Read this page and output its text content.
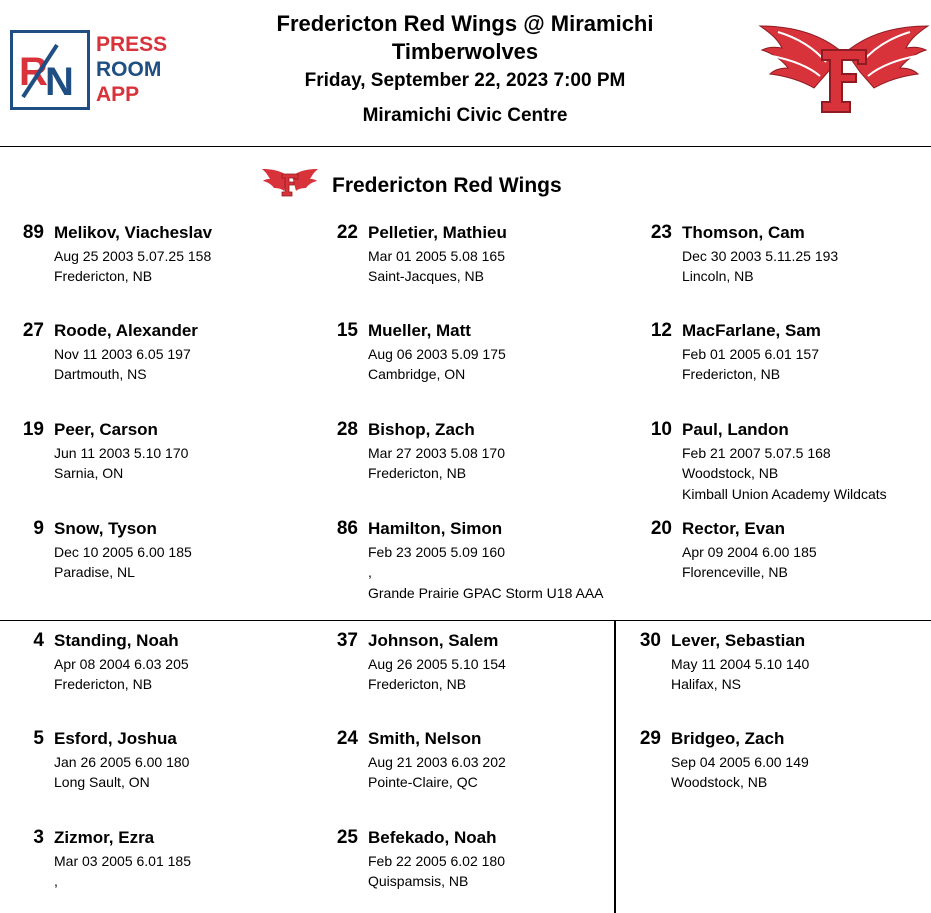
R
N
PRESS
ROOM
APP
Fredericton Red Wings @ Miramichi
Timberwolves
Friday, September 22, 2023 7:00 PM
Miramichi Civic Centre
Fredericton Red Wings
89 Melikov, Viacheslav
Aug 25 2003 5.07.25 158
Fredericton, NB
22 Pelletier, Mathieu
Mar 01 2005 5.08 165
Saint-Jacques, NB
23 Thomson, Cam
Dec 30 2003 5.11.25 193
Lincoln, NB
27 Roode, Alexander
Nov 11 2003 6.05 197
Dartmouth, NS
15 Mueller, Matt
Aug 06 2003 5.09 175
Cambridge, ON
12 MacFarlane, Sam
Feb 01 2005 6.01 157
Fredericton, NB
19 Peer, Carson
Jun 11 2003 5.10 170
Sarnia, ON
28 Bishop, Zach
Mar 27 2003 5.08 170
Fredericton, NB
10 Paul, Landon
Feb 21 2007 5.07.5 168
Woodstock, NB
Kimball Union Academy Wildcats
9 Snow, Tyson
Dec 10 2005 6.00 185
Paradise, NL
86 Hamilton, Simon
Feb 23 2005 5.09 160
,
Grande Prairie GPAC Storm U18 AAA
20 Rector, Evan
Apr 09 2004 6.00 185
Florenceville, NB
4 Standing, Noah
Apr 08 2004 6.03 205
Fredericton, NB
37 Johnson, Salem
Aug 26 2005 5.10 154
Fredericton, NB
30 Lever, Sebastian
May 11 2004 5.10 140
Halifax, NS
5 Esford, Joshua
Jan 26 2005 6.00 180
Long Sault, ON
24 Smith, Nelson
Aug 21 2003 6.03 202
Pointe-Claire, QC
29 Bridgeo, Zach
Sep 04 2005 6.00 149
Woodstock, NB
3 Zizmor, Ezra
Mar 03 2005 6.01 185
,
25 Befekado, Noah
Feb 22 2005 6.02 180
Quispamsis, NB
